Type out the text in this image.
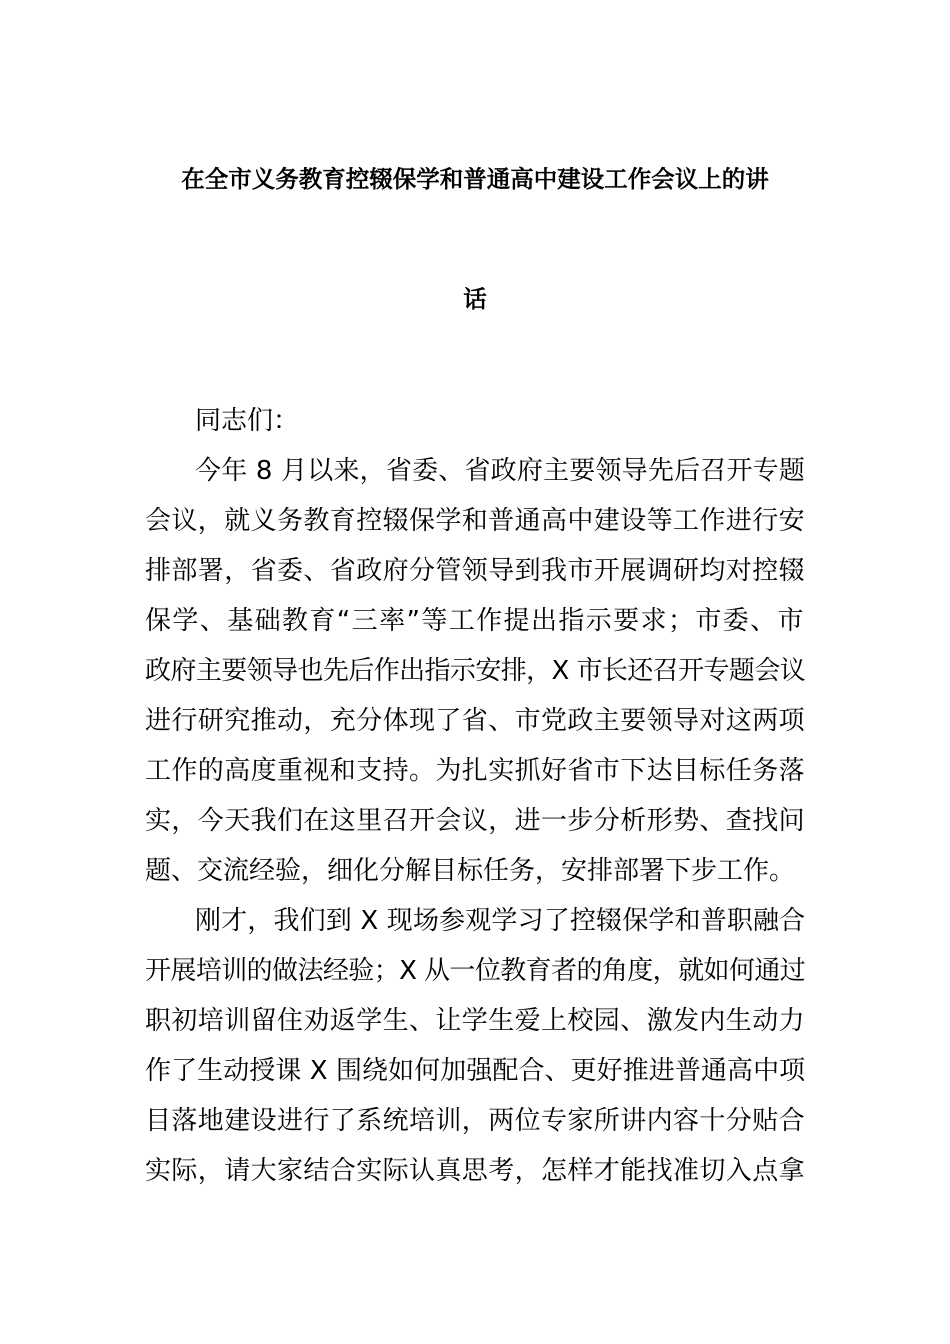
在全市义务教育控辍保学和普通高中建设工作会议上的讲
话
同志们：
今年 8 月以来，省委、省政府主要领导先后召开专题
会议，就义务教育控辍保学和普通高中建设等工作进行安
排部署，省委、省政府分管领导到我市开展调研均对控辍
保学、基础教育“三率”等工作提出指示要求；市委、市
政府主要领导也先后作出指示安排，X 市长还召开专题会议
进行研究推动，充分体现了省、市党政主要领导对这两项
工作的高度重视和支持。为扎实抓好省市下达目标任务落
实，今天我们在这里召开会议，进一步分析形势、查找问
题、交流经验，细化分解目标任务，安排部署下步工作。
刚才，我们到 X 现场参观学习了控辍保学和普职融合
开展培训的做法经验；X 从一位教育者的角度，就如何通过
职初培训留住劝返学生、让学生爱上校园、激发内生动力
作了生动授课 X 围绕如何加强配合、更好推进普通高中项
目落地建设进行了系统培训，两位专家所讲内容十分贴合
实际，请大家结合实际认真思考，怎样才能找准切入点拿
